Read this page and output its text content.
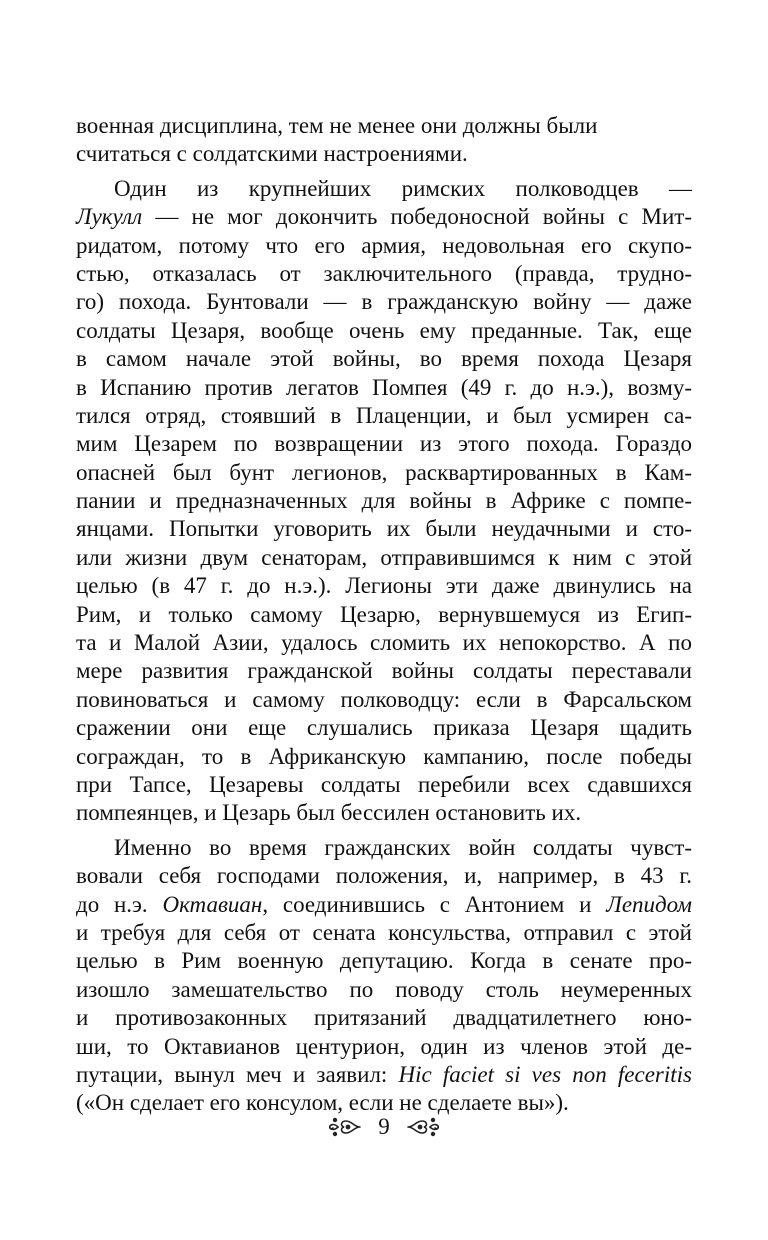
военная дисциплина, тем не менее они должны были
считаться с солдатскими настроениями.
Один из крупнейших римских полководцев —
Лукулл — не мог докончить победоносной войны с Мит-
ридатом, потому что его армия, недовольная его скупо-
стью, отказалась от заключительного (правда, трудно-
го) похода. Бунтовали — в гражданскую войну — даже
солдаты Цезаря, вообще очень ему преданные. Так, еще
в самом начале этой войны, во время похода Цезаря
в Испанию против легатов Помпея (49 г. до н.э.), возму-
тился отряд, стоявший в Плаценции, и был усмирен са-
мим Цезарем по возвращении из этого похода. Гораздо
опасней был бунт легионов, расквартированных в Кам-
пании и предназначенных для войны в Африке с помпе-
янцами. Попытки уговорить их были неудачными и сто-
или жизни двум сенаторам, отправившимся к ним с этой
целью (в 47 г. до н.э.). Легионы эти даже двинулись на
Рим, и только самому Цезарю, вернувшемуся из Егип-
та и Малой Азии, удалось сломить их непокорство. А по
мере развития гражданской войны солдаты переставали
повиноваться и самому полководцу: если в Фарсальском
сражении они еще слушались приказа Цезаря щадить
сограждан, то в Африканскую кампанию, после победы
при Тапсе, Цезаревы солдаты перебили всех сдавшихся
помпеянцев, и Цезарь был бессилен остановить их.
Именно во время гражданских войн солдаты чувст-
вовали себя господами положения, и, например, в 43 г.
до н.э. Октавиан, соединившись с Антонием и Лепидом
и требуя для себя от сената консульства, отправил с этой
целью в Рим военную депутацию. Когда в сенате про-
изошло замешательство по поводу столь неумеренных
и противозаконных притязаний двадцатилетнего юно-
ши, то Октавианов центурион, один из членов этой де-
путации, вынул меч и заявил: Hic faciet si ves non feceritis
(«Он сделает его консулом, если не сделаете вы»).
9
